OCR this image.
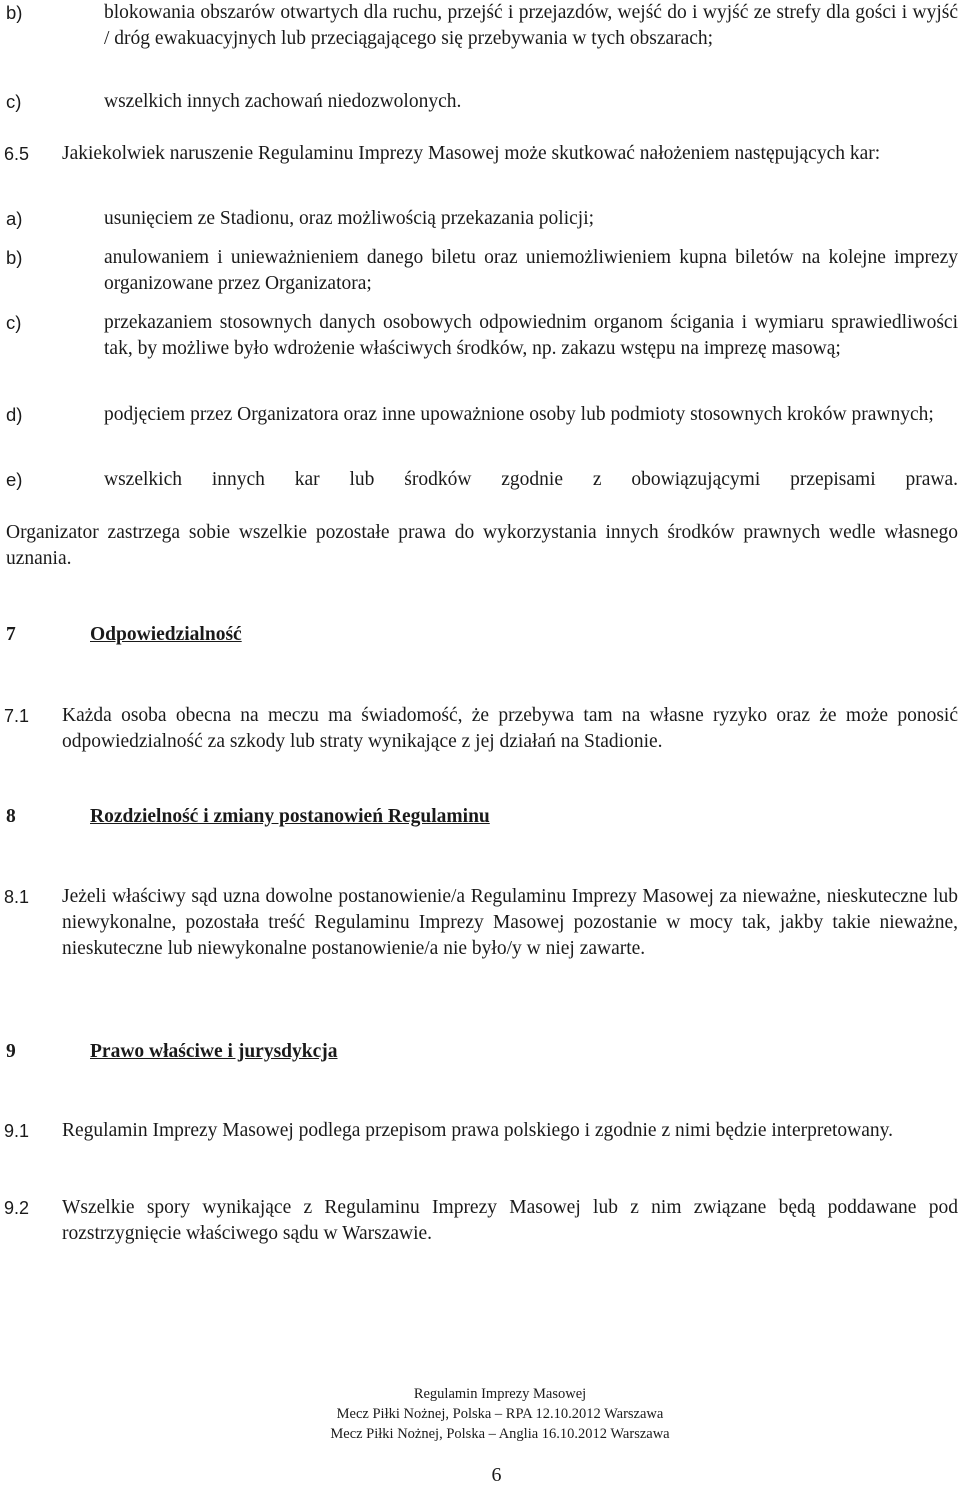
b)	blokowania obszarów otwartych dla ruchu, przejść i przejazdów, wejść do i wyjść ze strefy dla gości i wyjść / dróg ewakuacyjnych lub przeciągającego się przebywania w tych obszarach;
c)	wszelkich innych zachowań niedozwolonych.
6.5	Jakiekolwiek naruszenie Regulaminu Imprezy Masowej może skutkować nałożeniem następujących kar:
a)	usunięciem ze Stadionu, oraz możliwością przekazania policji;
b)	anulowaniem i unieważnieniem danego biletu oraz uniemożliwieniem kupna biletów na kolejne imprezy organizowane przez Organizatora;
c)	przekazaniem stosownych danych osobowych odpowiednim organom ścigania i wymiaru sprawiedliwości tak, by możliwe było wdrożenie właściwych środków, np. zakazu wstępu na imprezę masową;
d)	podjęciem przez Organizatora oraz inne upoważnione osoby lub podmioty stosownych kroków prawnych;
e)	wszelkich innych kar lub środków zgodnie z obowiązującymi przepisami prawa.
Organizator zastrzega sobie wszelkie pozostałe prawa do wykorzystania innych środków prawnych wedle własnego uznania.
7	Odpowiedzialność
7.1 Każda osoba obecna na meczu ma świadomość, że przebywa tam na własne ryzyko oraz że może ponosić odpowiedzialność za szkody lub straty wynikające z jej działań na Stadionie.
8	Rozdzielność i zmiany postanowień Regulaminu
8.1 Jeżeli właściwy sąd uzna dowolne postanowienie/a Regulaminu Imprezy Masowej za nieważne, nieskuteczne lub niewykonalne, pozostała treść Regulaminu Imprezy Masowej pozostanie w mocy tak, jakby takie nieważne, nieskuteczne lub niewykonalne postanowienie/a nie było/y w niej zawarte.
9	Prawo właściwe i jurysdykcja
9.1 Regulamin Imprezy Masowej podlega przepisom prawa polskiego i zgodnie z nimi będzie interpretowany.
9.2 Wszelkie spory wynikające z Regulaminu Imprezy Masowej lub z nim związane będą poddawane pod rozstrzygnięcie właściwego sądu w Warszawie.
Regulamin Imprezy Masowej
Mecz Piłki Nożnej, Polska – RPA 12.10.2012 Warszawa
Mecz Piłki Nożnej, Polska – Anglia 16.10.2012 Warszawa
6
